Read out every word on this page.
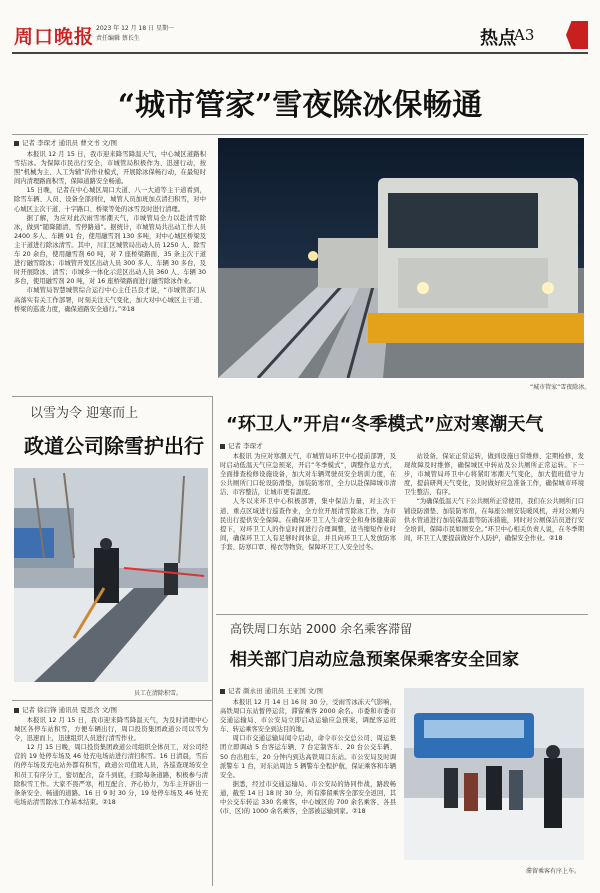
周口晚报 2023 年 12 月 18 日 星期一
责任编辑 蔡长生	热点
A3
“城市管家”雪夜除冰保畅通
记者 李琛才 通讯员 曹文书 文/图

本报讯 12 月 15 日，我市迎来降雪降温天气，中心城区道路积雪结冰。为保障市民出行安全，市城管局积极作为、迅速行动，按照“机械为主、人工为辅”的作业模式，开展除冰保畅行动，在最短时间内清理路面积雪，保障道路安全畅通。

15 日晚，记者在中心城区周口大道、八一大道等主干道看到，除雪车辆、人员、设备全部到位，城管人员加班加点清扫积雪，对中心城区主次干道、十字路口、桥梁等处的冰雪及时进行清理。

据了解，为应对此次雨雪寒潮天气，市城管局全力以赴清雪除冰，做到“随降随清、雪停路通”。据统计，市城管局共出动工作人员 2400 多人、车辆 91 台，使用融雪剂 130 多吨，对中心城区桥梁及主干道进行除冰清雪。其中，川汇区城管局出动人员 1250 人、除雪车 20 余台，使用融雪剂 60 吨，对 7 座桥梁路面、35 条主次干道进行融雪除冰；市城管开发区出动人员 300 多人、车辆 30 多台，及时开展除冰、清雪；市城乡一体化示范区出动人员 360 人、车辆 30 多台，使用融雪剂 20 吨，对 16 座桥梁路面进行融雪除冰作业。

市城管局智慧城管综合运行中心主任吕良才说，“市城管部门从高落实有关工作部署，时刻关注天气变化，加大对中心城区主干道、桥梁的巡查力度，确保道路安全通行。”②18

“城市管家”雪夜除冰。
以雪为令 迎寒而上
政道公司除雪护出行
员工在清除积雪。
记者 徐启锋 通讯员 夏思含 文/图

本报讯 12 月 15 日，我市迎来降雪降温天气，为及时清理中心城区各停车站积雪，方便车辆出行，周口投资集团政道公司以雪为令，迅速而上，迅速组织人员进行清雪作业。

12 月 15 日晚，周口投资集团政道公司组织全体员工，对公司经营的 19 处停车场及 46 处充电场站进行清扫积雪。16 日清晨，雪后的停车场及充电站外都有积雪，政道公司值班人员，各巡查现场安全和员工有序分工，密切配合，奋斗到底，扫除每条道路，积极参与清除积雪工作。大家不畏严寒，相互配合、齐心协力，为车主开辟出一条条安全、畅通的道路。16 日 9 时 30 分，19 处停车场及 46 处充电场站清雪除冰工作基本结束。②18

“环卫人”开启“冬季模式”应对寒潮天气
记者 李琛才

本报讯 为应对寒潮天气，市城管局环卫中心提前部署，及时启动低温天气应急预案，开启“冬季模式”，调整作息方式，全面排查检修设施设备，加大对车辆驾驶员安全培训力度，在公共厕所门口轮设防滑垫，加装防寒帘，全力以赴保障城市清洁、市容整洁，让城市更有温度。

人冬以来环卫中心积极部署，集中保洁力量，对主次干道、重点区域进行巡查作业，全方位开展清雪除冰工作，为市民出行提供安全保障。在确保环卫工人生命安全和身体健康前提下，对环卫工人的作息时间进行合理调整，适当缩短作业时间，确保环卫工人有足够时间休息，并且向环卫工人发放防寒手套、防寒口罩、棉衣等物资，保障环卫工人安全过冬。

站设备，保证正常运转，做到设施日常维修、定期检修，发现故障及时维修，确保城区中转站及公共厕所正常运转。下一步，市城管局环卫中心将紧盯寒潮天气变化，加大值班值守力度，提前研判天气变化，及时做好应急准备工作，确保城市环境卫生整洁、有序。

“为确保低温天气下公共厕所正常使用，我们在公共厕所门口铺设防滑垫、加装防寒帘，在每座公厕安装暖风机，并对公厕内供水管道进行加装保温套等防冻措施，同时对公厕保洁员进行安全培训，保障市民如厕安全。”环卫中心相关负责人说，在冬季期间，环卫工人要提前做好个人防护，确保安全作业。②18

高铁周口东站 2000 余名乘客滞留
相关部门启动应急预案保乘客安全回家
记者 颜永田 通讯员 王亚国 文/图

本报讯 12 月 14 日 16 时 30 分，受雨雪冰冻天气影响，高铁周口东站暂停运营，滞留乘客 2000 余名。市委和市委市交通运输局、市公安局立即启动运输应急预案，调配客运班车、转运乘客安全到达目的地。

周口市交通运输局闻令启动，命令市公交总公司、周运集团立即调动 5 台客运车辆、7 台定制客车、20 台公交车辆、50 台出租车，20 分钟内到达高铁周口东站。市公安局及时调派警车 1 台，对东站周边 5 辆警车全程护航，保证乘客和车辆安全。

据悉，经过市交通运输局、市公安局的协同作战，路段畅通，截至 14 日 18 时 30 分，所有滞留乘客全部安全返回，其中公交车转运 330 名乘客，中心城区的 700 余名乘客、各县(市、区)的 1000 余名乘客，全部被运输到家。②18

滞留乘客有序上车。
